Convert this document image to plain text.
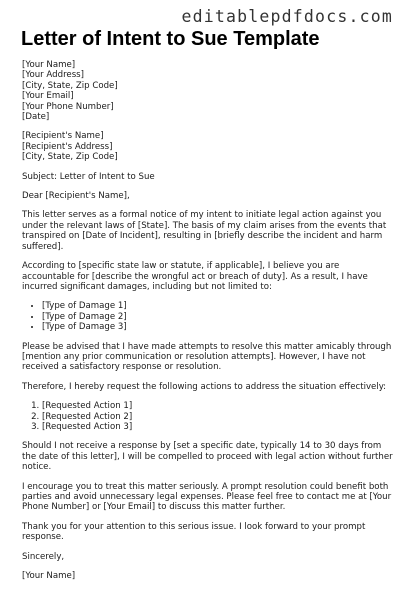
editablepdfdocs.com
Letter of Intent to Sue Template

[Your Name]
[Your Address]
[City, State, Zip Code]
[Your Email]
[Your Phone Number]
[Date]

[Recipient's Name]
[Recipient's Address]
[City, State, Zip Code]

Subject: Letter of Intent to Sue

Dear [Recipient's Name],

This letter serves as a formal notice of my intent to initiate legal action against you under the relevant laws of [State]. The basis of my claim arises from the events that transpired on [Date of Incident], resulting in [briefly describe the incident and harm suffered].

According to [specific state law or statute, if applicable], I believe you are accountable for [describe the wrongful act or breach of duty]. As a result, I have incurred significant damages, including but not limited to:

• [Type of Damage 1]
• [Type of Damage 2]
• [Type of Damage 3]

Please be advised that I have made attempts to resolve this matter amicably through [mention any prior communication or resolution attempts]. However, I have not received a satisfactory response or resolution.

Therefore, I hereby request the following actions to address the situation effectively:

1. [Requested Action 1]
2. [Requested Action 2]
3. [Requested Action 3]

Should I not receive a response by [set a specific date, typically 14 to 30 days from the date of this letter], I will be compelled to proceed with legal action without further notice.

I encourage you to treat this matter seriously. A prompt resolution could benefit both parties and avoid unnecessary legal expenses. Please feel free to contact me at [Your Phone Number] or [Your Email] to discuss this matter further.

Thank you for your attention to this serious issue. I look forward to your prompt response.

Sincerely,

[Your Name]
